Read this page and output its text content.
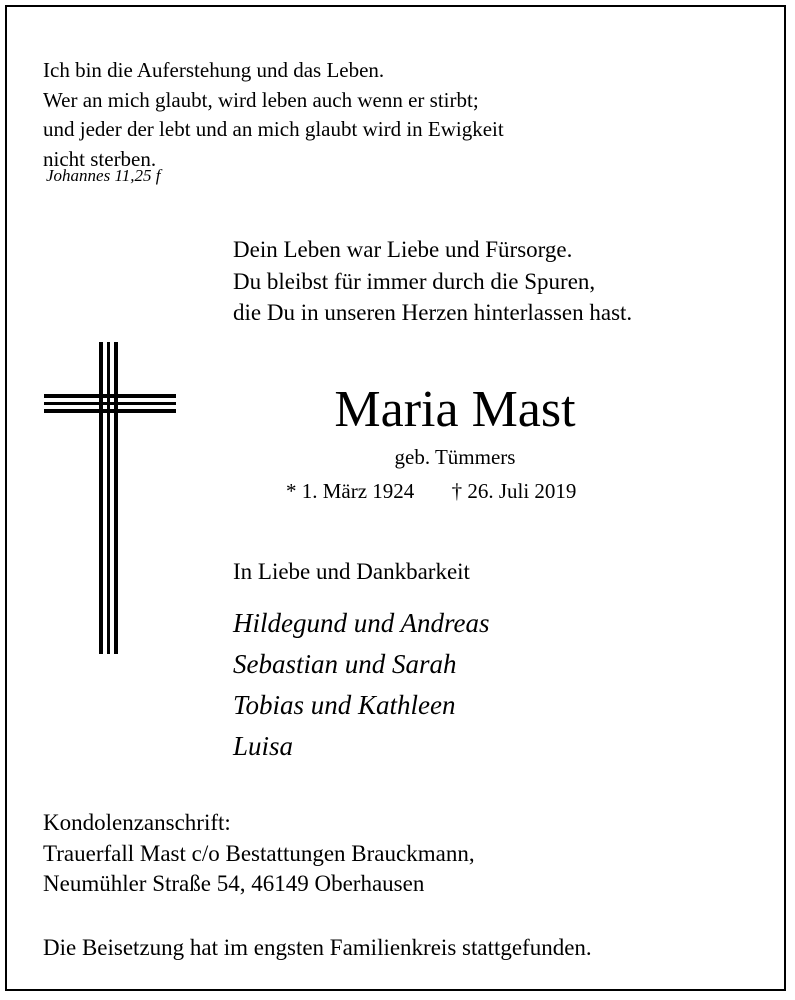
Ich bin die Auferstehung und das Leben.
Wer an mich glaubt, wird leben auch wenn er stirbt;
und jeder der lebt und an mich glaubt wird in Ewigkeit
nicht sterben.
Johannes 11,25 f
Dein Leben war Liebe und Fürsorge.
Du bleibst für immer durch die Spuren,
die Du in unseren Herzen hinterlassen hast.
Maria Mast
geb. Tümmers
* 1. März 1924 † 26. Juli 2019
In Liebe und Dankbarkeit
Hildegund und Andreas
Sebastian und Sarah
Tobias und Kathleen
Luisa
Kondolenzanschrift:
Trauerfall Mast c/o Bestattungen Brauckmann,
Neumühler Straße 54, 46149 Oberhausen
Die Beisetzung hat im engsten Familienkreis stattgefunden.
